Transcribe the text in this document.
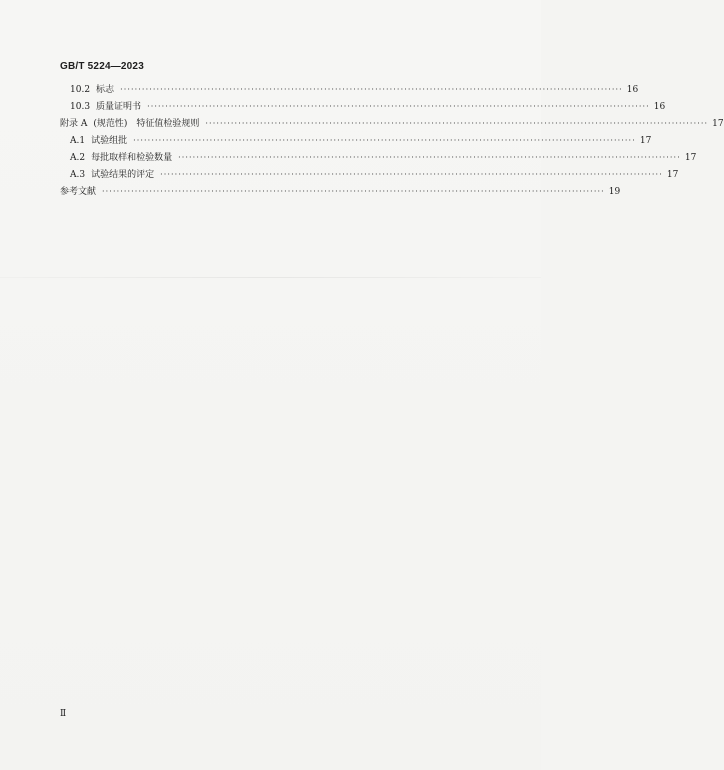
GB/T 5224—2023
10.2 标志 ·········································································································································· 16
10.3 质量证明书 ·········································································································································· 16
附录 A (规范性)　特征值检验规则 ·········································································································································· 17
A.1 试验组批 ·········································································································································· 17
A.2 每批取样和检验数量 ·········································································································································· 17
A.3 试验结果的评定 ·········································································································································· 17
参考文献 ·········································································································································· 19
Ⅱ
